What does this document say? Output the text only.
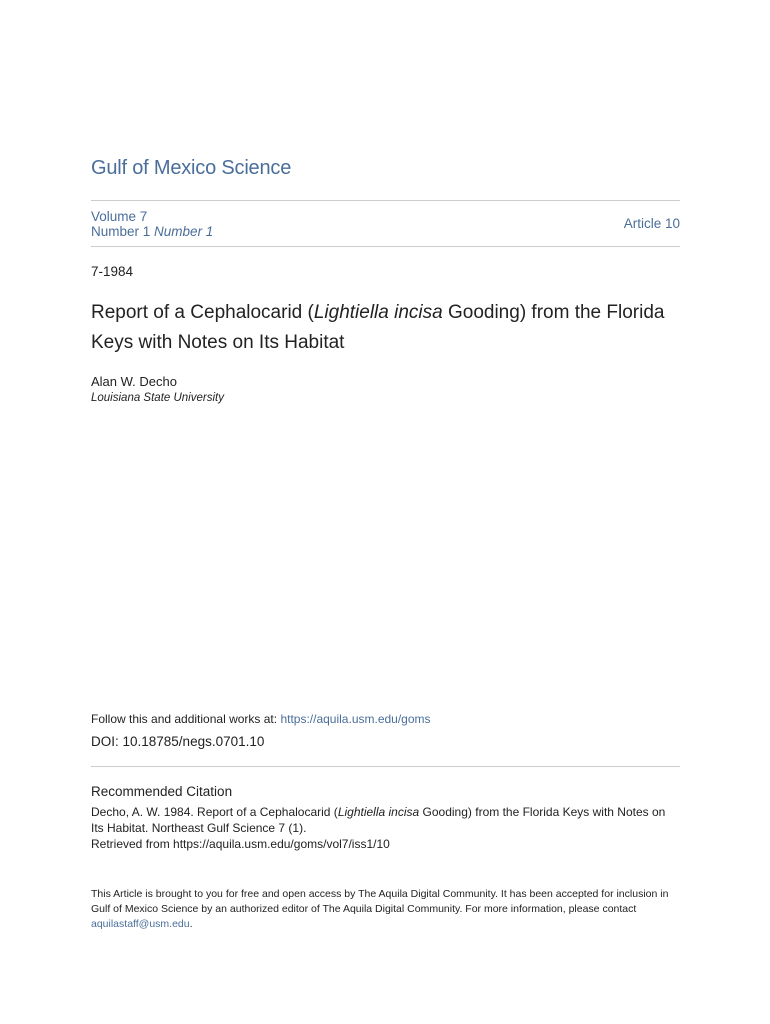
Gulf of Mexico Science
Volume 7
Number 1 Number 1
Article 10
7-1984
Report of a Cephalocarid (Lightiella incisa Gooding) from the Florida Keys with Notes on Its Habitat
Alan W. Decho
Louisiana State University
Follow this and additional works at: https://aquila.usm.edu/goms
DOI: 10.18785/negs.0701.10
Recommended Citation
Decho, A. W. 1984. Report of a Cephalocarid (Lightiella incisa Gooding) from the Florida Keys with Notes on Its Habitat. Northeast Gulf Science 7 (1).
Retrieved from https://aquila.usm.edu/goms/vol7/iss1/10
This Article is brought to you for free and open access by The Aquila Digital Community. It has been accepted for inclusion in Gulf of Mexico Science by an authorized editor of The Aquila Digital Community. For more information, please contact aquilastaff@usm.edu.
